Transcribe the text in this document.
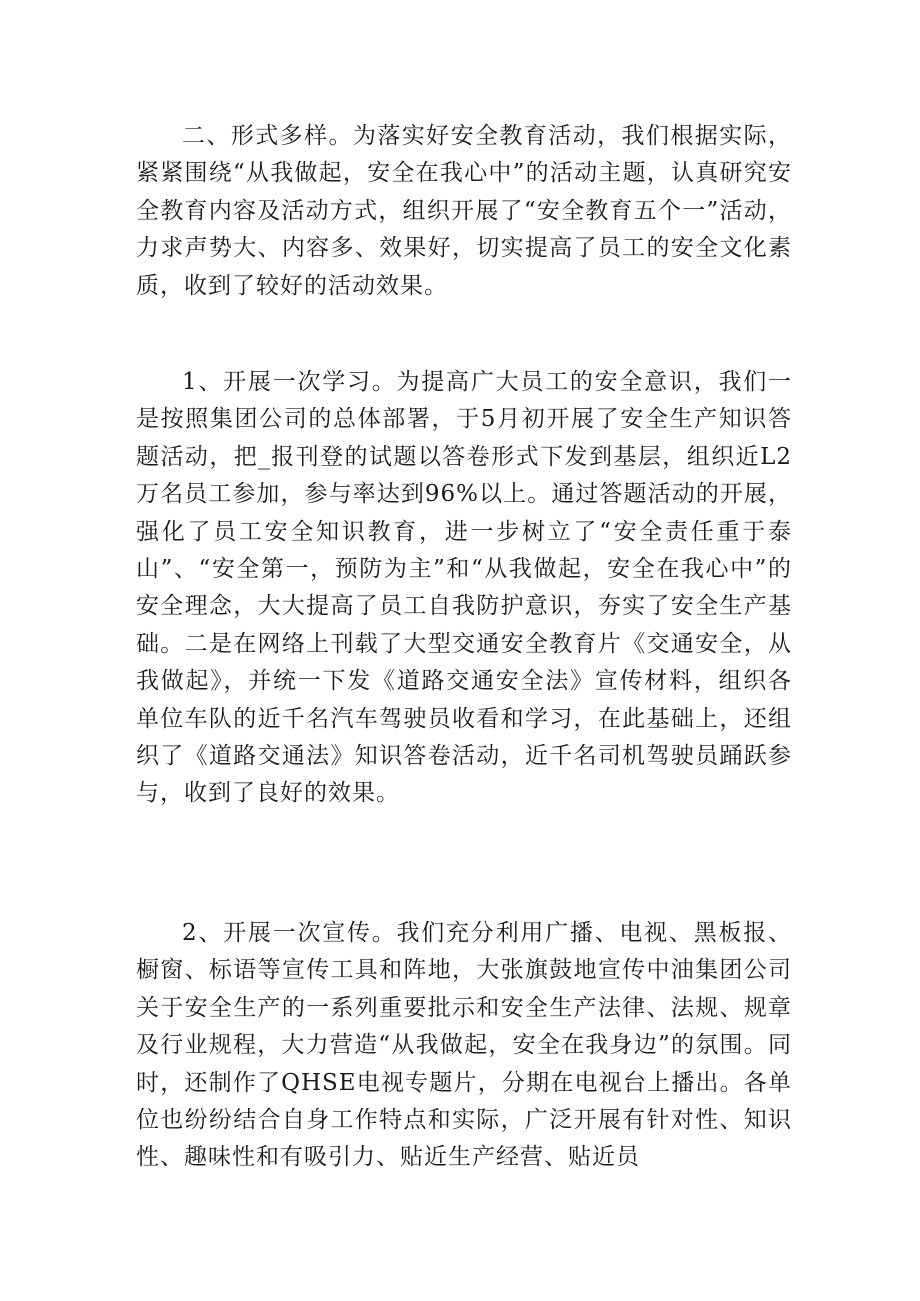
二、形式多样。为落实好安全教育活动，我们根据实际，紧紧围绕“从我做起，安全在我心中”的活动主题，认真研究安全教育内容及活动方式，组织开展了“安全教育五个一”活动，力求声势大、内容多、效果好，切实提高了员工的安全文化素质，收到了较好的活动效果。

1、开展一次学习。为提高广大员工的安全意识，我们一是按照集团公司的总体部署，于5月初开展了安全生产知识答题活动，把_报刊登的试题以答卷形式下发到基层，组织近L2万名员工参加，参与率达到96%以上。通过答题活动的开展，强化了员工安全知识教育，进一步树立了“安全责任重于泰山”、“安全第一，预防为主”和“从我做起，安全在我心中”的安全理念，大大提高了员工自我防护意识，夯实了安全生产基础。二是在网络上刊载了大型交通安全教育片《交通安全，从我做起》，并统一下发《道路交通安全法》宣传材料，组织各单位车队的近千名汽车驾驶员收看和学习，在此基础上，还组织了《道路交通法》知识答卷活动，近千名司机驾驶员踊跃参与，收到了良好的效果。

2、开展一次宣传。我们充分利用广播、电视、黑板报、橱窗、标语等宣传工具和阵地，大张旗鼓地宣传中油集团公司关于安全生产的一系列重要批示和安全生产法律、法规、规章及行业规程，大力营造“从我做起，安全在我身边”的氛围。同时，还制作了QHSE电视专题片，分期在电视台上播出。各单位也纷纷结合自身工作特点和实际，广泛开展有针对性、知识性、趣味性和有吸引力、贴近生产经营、贴近员
